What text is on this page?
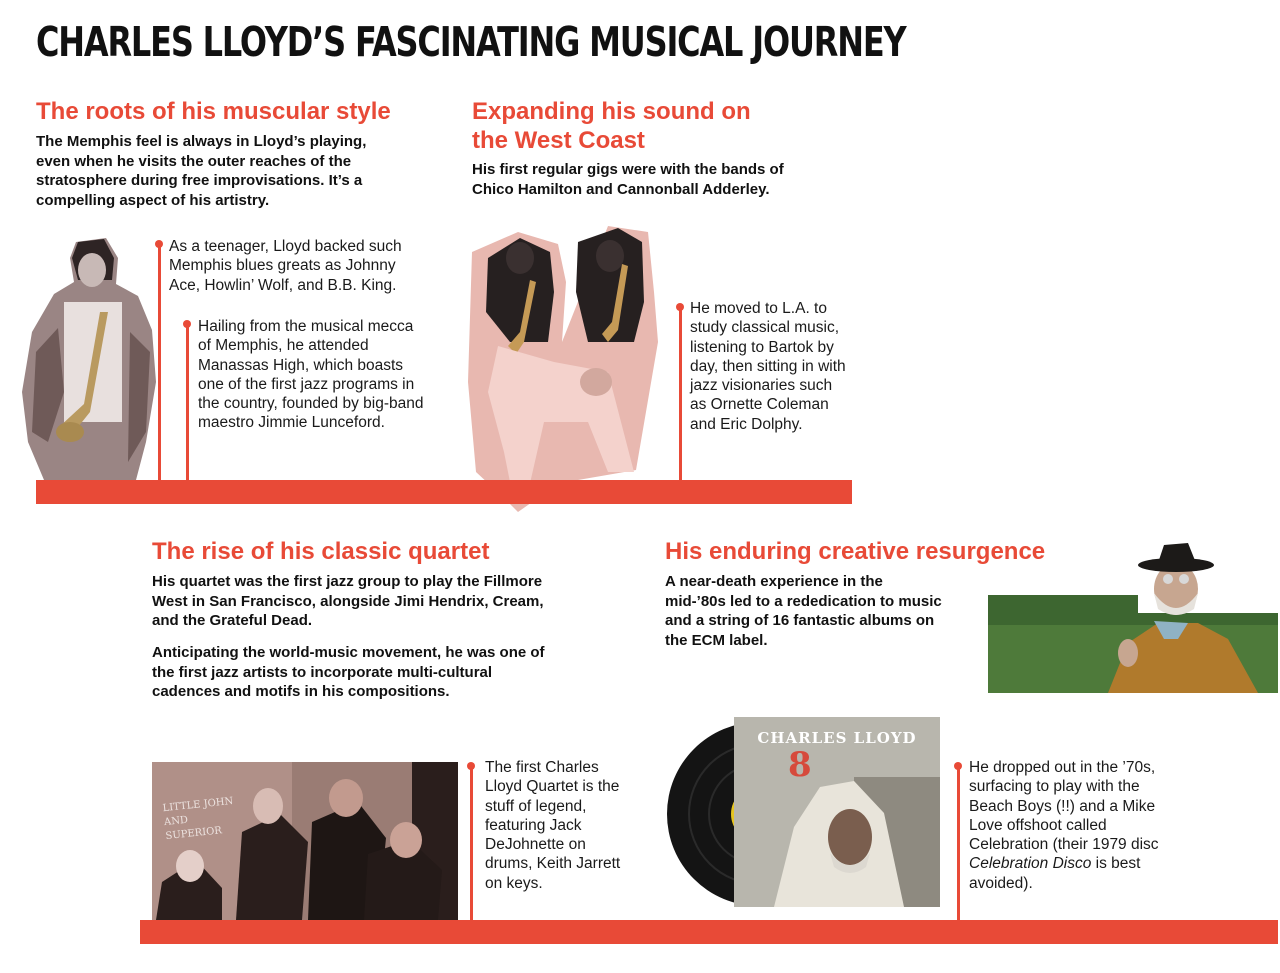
CHARLES LLOYD’S FASCINATING MUSICAL JOURNEY
The roots of his muscular style

The Memphis feel is always in Lloyd’s playing, even when he visits the outer reaches of the stratosphere during free improvisations. It’s a compelling aspect of his artistry.

As a teenager, Lloyd backed such Memphis blues greats as Johnny Ace, Howlin’ Wolf, and B.B. King.
Hailing from the musical mecca of Memphis, he attended Manassas High, which boasts one of the first jazz programs in the country, founded by big-band maestro Jimmie Lunceford.
Expanding his sound on
the West Coast

His first regular gigs were with the bands of Chico Hamilton and Cannonball Adderley.

He moved to L.A. to study classical music, listening to Bartok by day, then sitting in with jazz visionaries such as Ornette Coleman and Eric Dolphy.
The rise of his classic quartet

His quartet was the first jazz group to play the Fillmore West in San Francisco, alongside Jimi Hendrix, Cream, and the Grateful Dead.

Anticipating the world-music movement, he was one of the first jazz artists to incorporate multi-cultural cadences and motifs in his compositions.

LITTLE JOHN AND SUPERIOR
The first Charles Lloyd Quartet is the stuff of legend, featuring Jack DeJohnette on drums, Keith Jarrett on keys.
His enduring creative resurgence

A near-death experience in the mid-’80s led to a rededication to music and a string of 16 fantastic albums on the ECM label.

CHARLES LLOYD
8	He dropped out in the ’70s, surfacing to play with the Beach Boys (!!) and a Mike Love offshoot called Celebration (their 1979 disc Celebration Disco is best avoided).
